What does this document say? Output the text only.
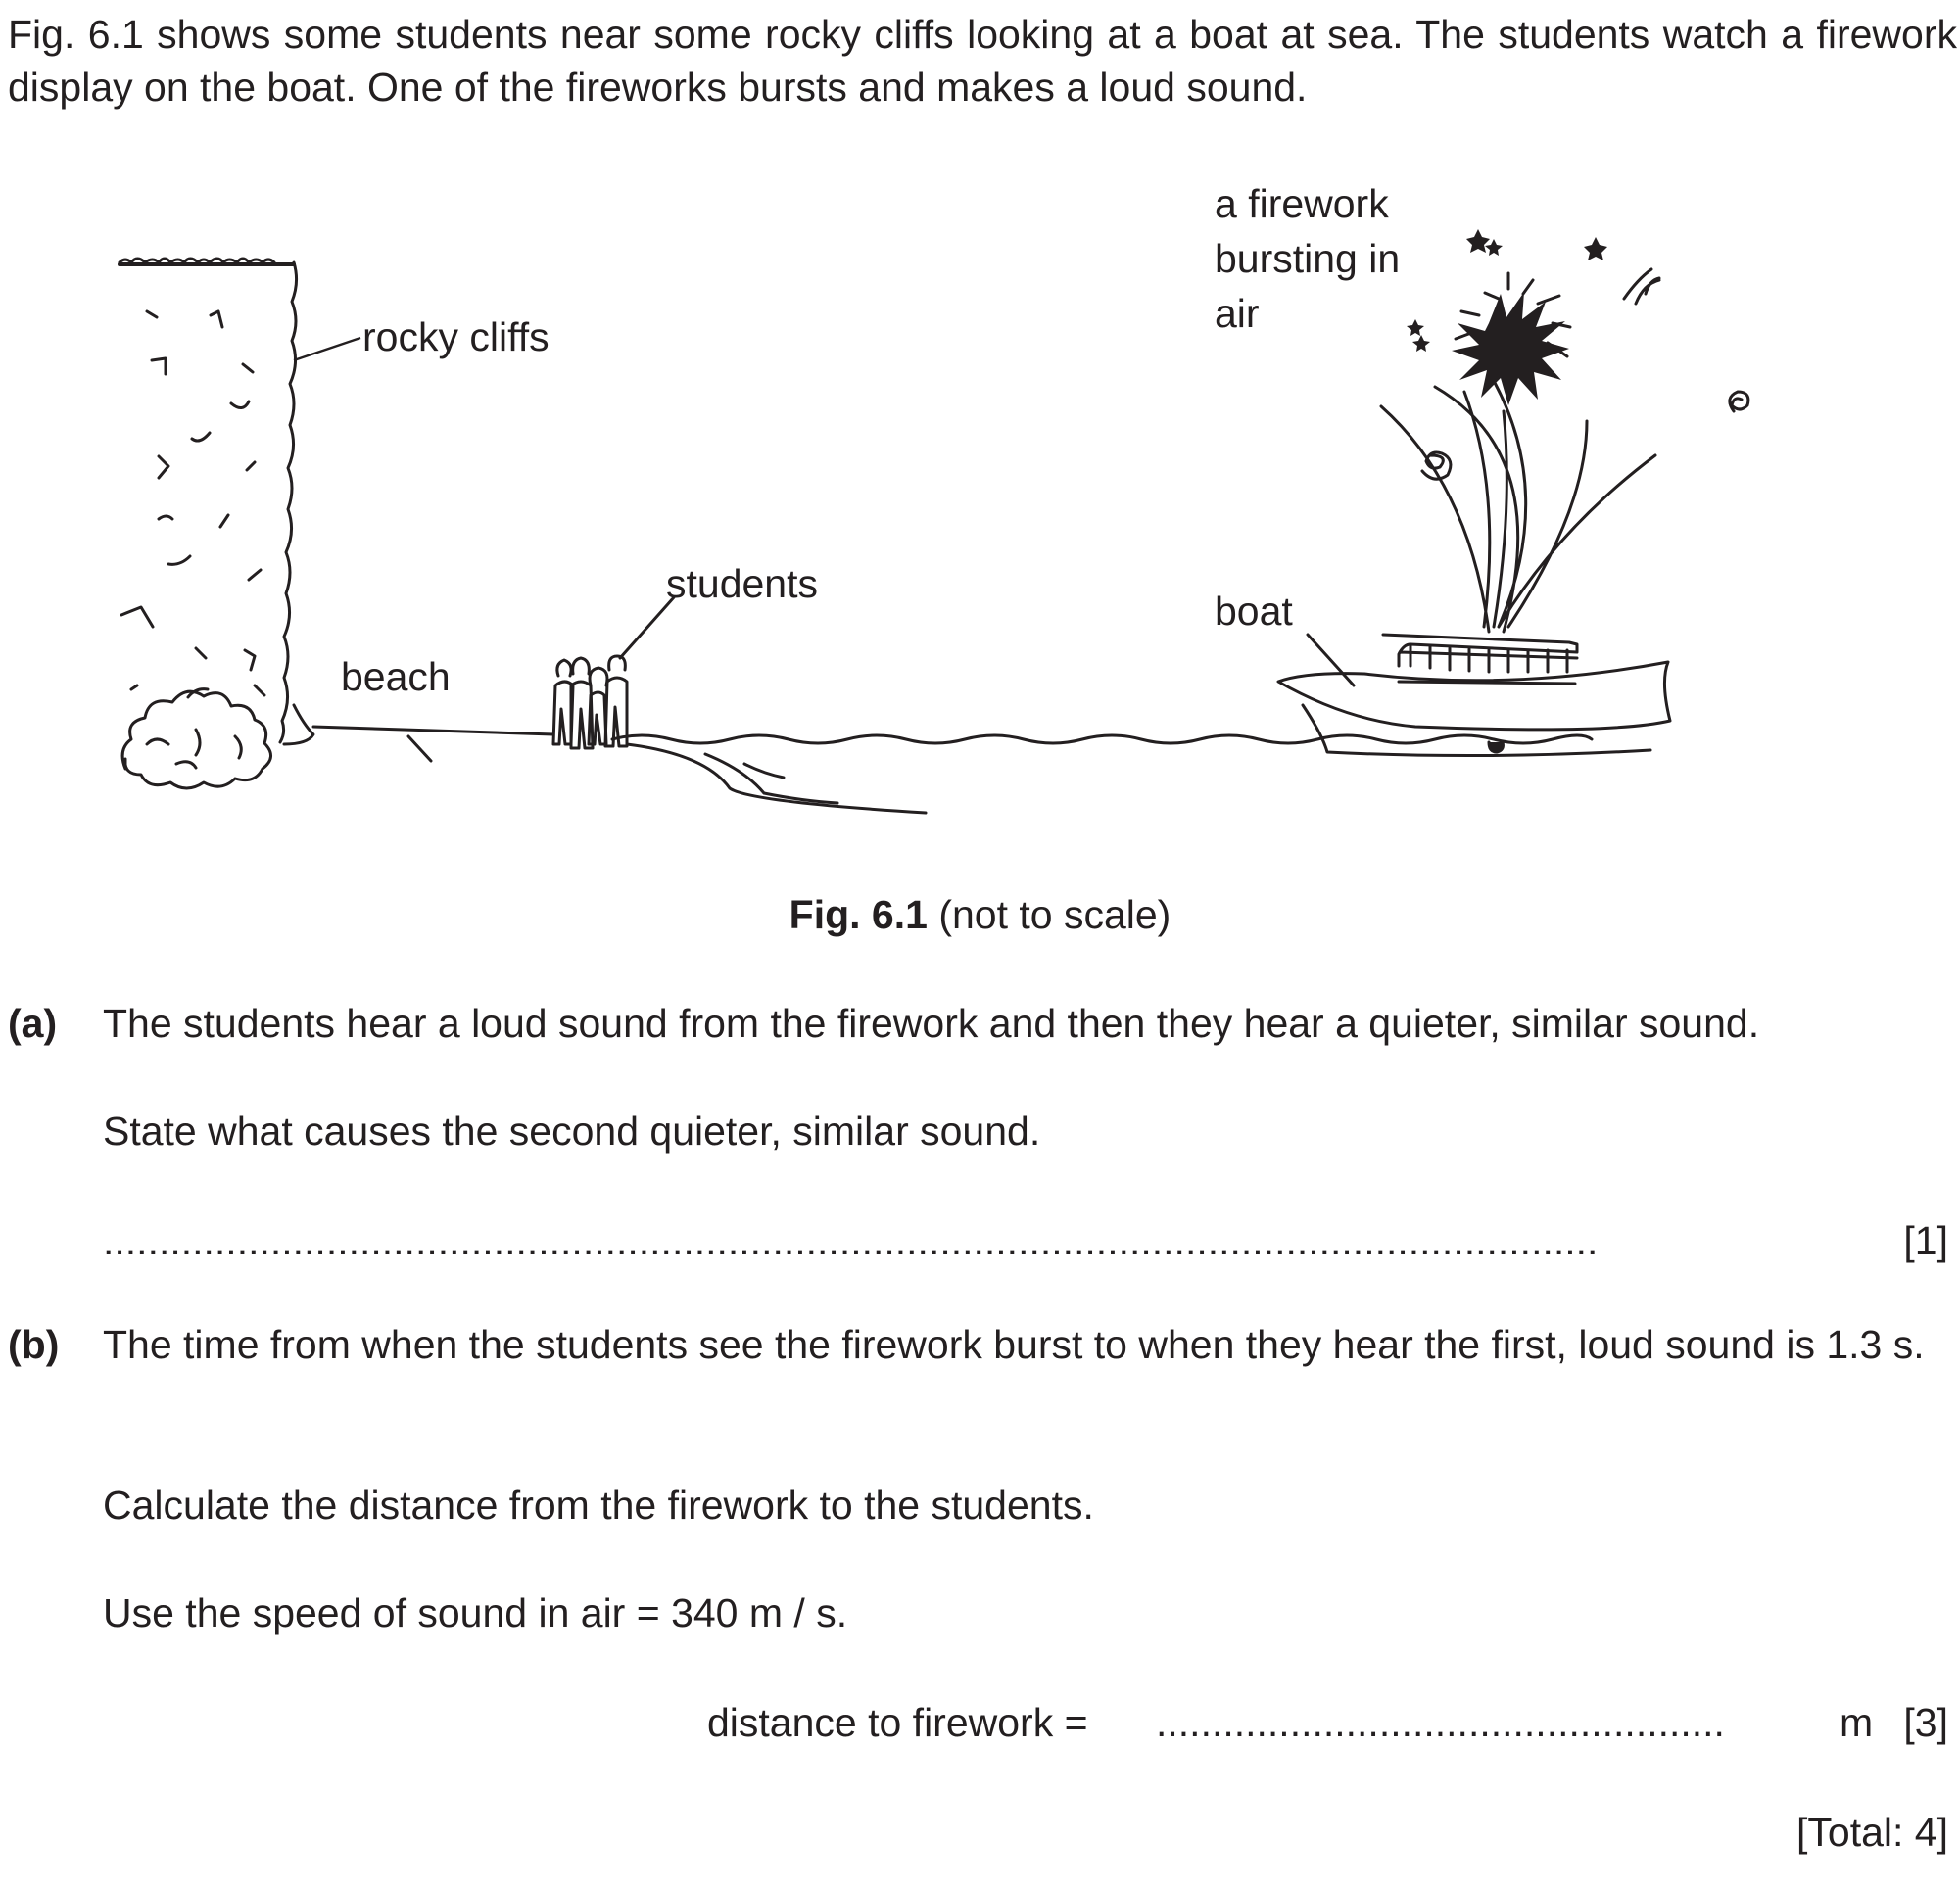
Fig. 6.1 shows some students near some rocky cliffs looking at a boat at sea. The students watch a firework display on the boat. One of the fireworks bursts and makes a loud sound.

rocky cliffs
students
beach
boat
a firework
bursting in
air
Fig. 6.1 (not to scale)
(a) The students hear a loud sound from the firework and then they hear a quieter, similar sound.
State what causes the second quieter, similar sound.
......................................................................................................................................	[1]
(b) The time from when the students see the firework burst to when they hear the first, loud sound is 1.3 s.
Calculate the distance from the firework to the students.
Use the speed of sound in air = 340 m / s.
distance to firework = ...................................................	m [3]
[Total: 4]
